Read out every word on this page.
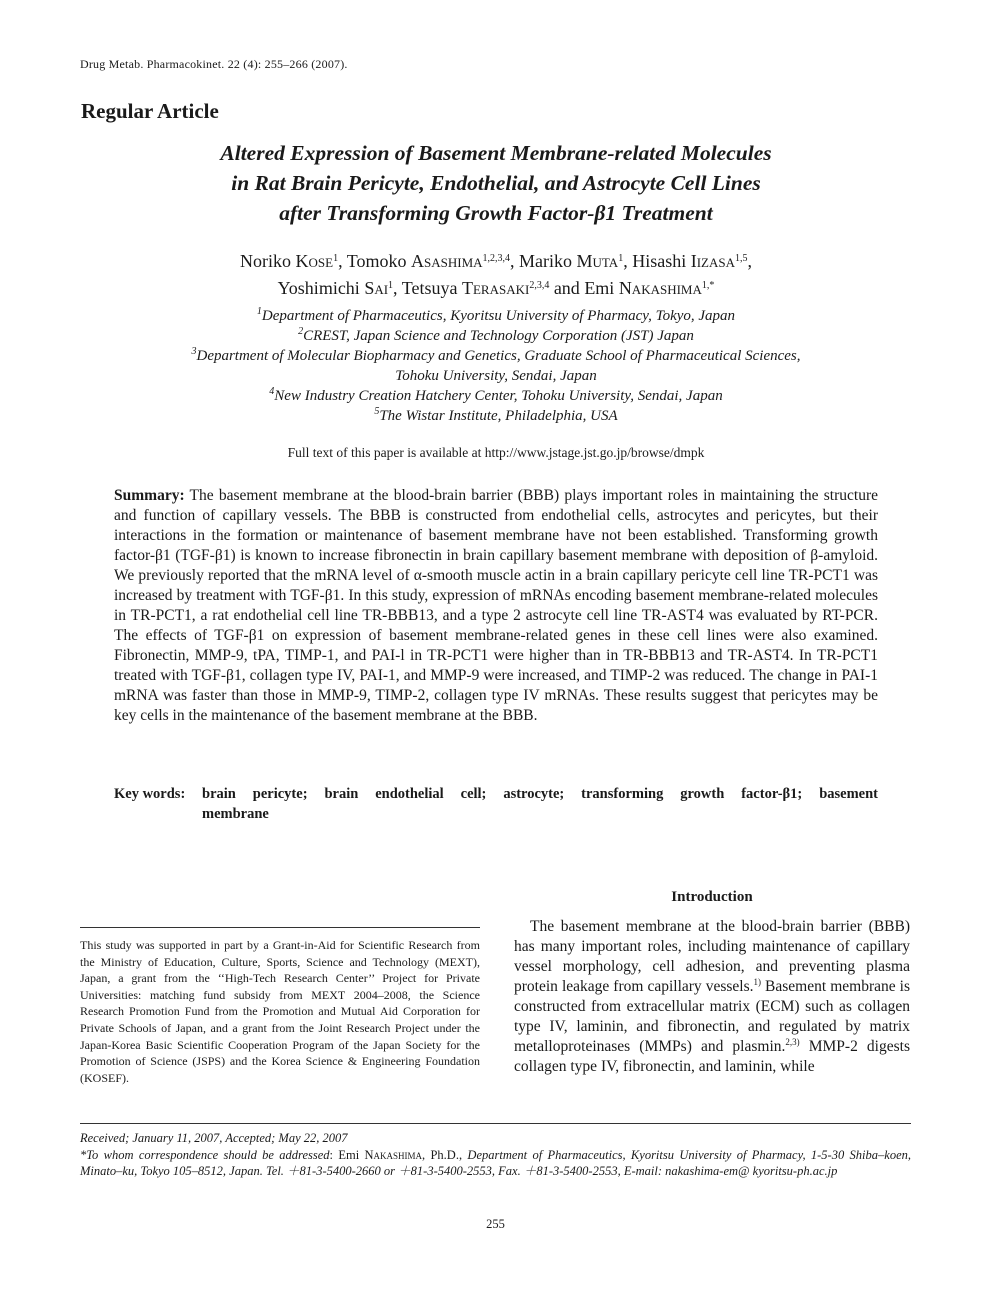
Drug Metab. Pharmacokinet. 22 (4): 255–266 (2007).
Regular Article
Altered Expression of Basement Membrane-related Molecules
in Rat Brain Pericyte, Endothelial, and Astrocyte Cell Lines
after Transforming Growth Factor-β1 Treatment
Noriko Kose$^1$, Tomoko Asashima$^{1,2,3,4}$, Mariko Muta$^1$, Hisashi Iizasa$^{1,5}$,
Yoshimichi Sai$^1$, Tetsuya Terasaki$^{2,3,4}$ and Emi Nakashima$^{1,*}$
$^1$Department of Pharmaceutics, Kyoritsu University of Pharmacy, Tokyo, Japan
$^2$CREST, Japan Science and Technology Corporation (JST) Japan
$^3$Department of Molecular Biopharmacy and Genetics, Graduate School of Pharmaceutical Sciences,
Tohoku University, Sendai, Japan
$^4$New Industry Creation Hatchery Center, Tohoku University, Sendai, Japan
$^5$The Wistar Institute, Philadelphia, USA
Full text of this paper is available at http://www.jstage.jst.go.jp/browse/dmpk
Summary: The basement membrane at the blood-brain barrier (BBB) plays important roles in maintaining the structure and function of capillary vessels. The BBB is constructed from endothelial cells, astrocytes and pericytes, but their interactions in the formation or maintenance of basement membrane have not been established. Transforming growth factor-β1 (TGF-β1) is known to increase fibronectin in brain capillary basement membrane with deposition of β-amyloid. We previously reported that the mRNA level of α-smooth muscle actin in a brain capillary pericyte cell line TR-PCT1 was increased by treatment with TGF-β1. In this study, expression of mRNAs encoding basement membrane-related molecules in TR-PCT1, a rat endothelial cell line TR-BBB13, and a type 2 astrocyte cell line TR-AST4 was evaluated by RT-PCR. The effects of TGF-β1 on expression of basement membrane-related genes in these cell lines were also examined. Fibronectin, MMP-9, tPA, TIMP-1, and PAI-l in TR-PCT1 were higher than in TR-BBB13 and TR-AST4. In TR-PCT1 treated with TGF-β1, collagen type IV, PAI-1, and MMP-9 were increased, and TIMP-2 was reduced. The change in PAI-1 mRNA was faster than those in MMP-9, TIMP-2, collagen type IV mRNAs. These results suggest that pericytes may be key cells in the maintenance of the basement membrane at the BBB.
Key words:	brain pericyte; brain endothelial cell; astrocyte; transforming growth factor-β1; basement
membrane
Introduction
The basement membrane at the blood-brain barrier (BBB) has many important roles, including maintenance of capillary vessel morphology, cell adhesion, and preventing plasma protein leakage from capillary vessels.$^{1)}$ Basement membrane is constructed from extracellular matrix (ECM) such as collagen type IV, laminin, and fibronectin, and regulated by matrix metalloproteinases (MMPs) and plasmin.$^{2,3)}$ MMP-2 digests collagen type IV, fibronectin, and laminin, while
This study was supported in part by a Grant-in-Aid for Scientific Research from the Ministry of Education, Culture, Sports, Science and Technology (MEXT), Japan, a grant from the ‘‘High-Tech Research Center’’ Project for Private Universities: matching fund subsidy from MEXT 2004–2008, the Science Research Promotion Fund from the Promotion and Mutual Aid Corporation for Private Schools of Japan, and a grant from the Joint Research Project under the Japan-Korea Basic Scientific Cooperation Program of the Japan Society for the Promotion of Science (JSPS) and the Korea Science & Engineering Foundation (KOSEF).
Received; January 11, 2007, Accepted; May 22, 2007
*To whom correspondence should be addressed: Emi Nakashima, Ph.D., Department of Pharmaceutics, Kyoritsu University of Pharmacy, 1-5-30 Shiba–koen, Minato–ku, Tokyo 105–8512, Japan. Tel. ＋81-3-5400-2660 or ＋81-3-5400-2553, Fax. ＋81-3-5400-2553, E-mail: nakashima-em@ kyoritsu-ph.ac.jp
255
